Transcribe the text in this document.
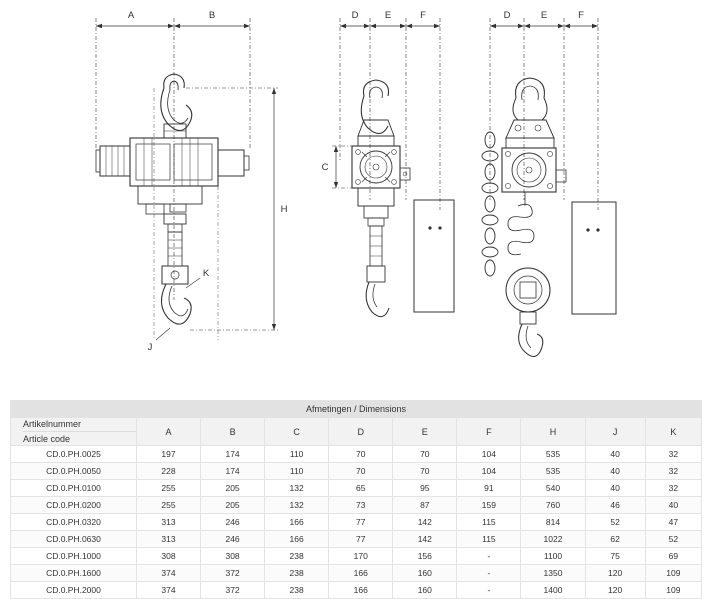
A	B
H
K
J
D	E	F
C
D	E	F
Afmetingen / Dimensions									

Artikelnummer
Article code	A	B	C	D	E	F	H	J	K
CD.0.PH.0025	197	174	110	70	70	104	535	40	32
CD.0.PH.0050	228	174	110	70	70	104	535	40	32
CD.0.PH.0100	255	205	132	65	95	91	540	40	32
CD.0.PH.0200	255	205	132	73	87	159	760	46	40
CD.0.PH.0320	313	246	166	77	142	115	814	52	47
CD.0.PH.0630	313	246	166	77	142	115	1022	62	52
CD.0.PH.1000	308	308	238	170	156	-	1100	75	69
CD.0.PH.1600	374	372	238	166	160	-	1350	120	109
CD.0.PH.2000	374	372	238	166	160	-	1400	120	109
